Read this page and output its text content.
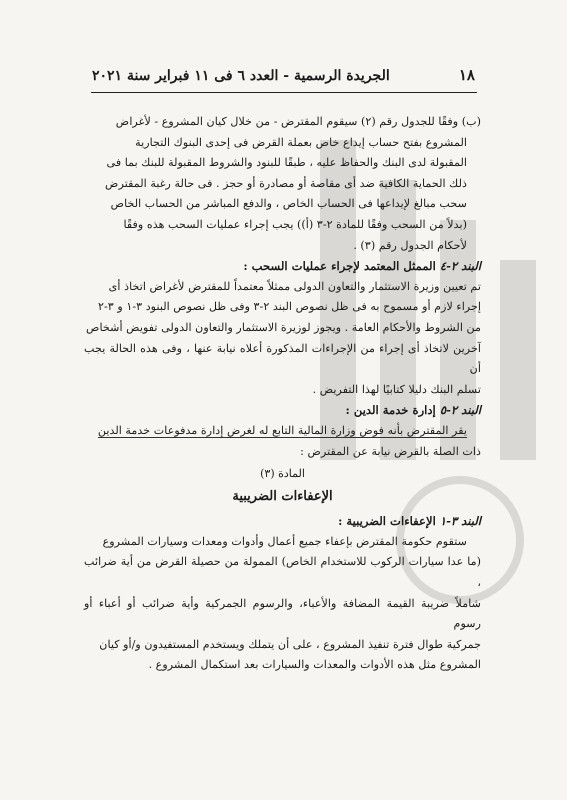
١٨
الجريدة الرسمية - العدد ٦ فى ١١ فبراير سنة ٢٠٢١

(ب) وفقًا للجدول رقم (٢) سيقوم المقترض - من خلال كيان المشروع - لأغراض

المشروع بفتح حساب إيداع خاص بعملة القرض فى إحدى البنوك التجارية

المقبولة لدى البنك والحفاظ عليه ، طبقًا للبنود والشروط المقبولة للبنك بما فى

ذلك الحماية الكافية ضد أى مقاصة أو مصادرة أو حجز . فى حالة رغبة المقترض

سحب مبالغ لإيداعها فى الحساب الخاص ، والدفع المباشر من الحساب الخاص

(بدلاً من السحب وفقًا للمادة ٢-٣ (أ)) يجب إجراء عمليات السحب هذه وفقًا

لأحكام الجدول رقم (٣) .

البند ٢-٤ الممثل المعتمد لإجراء عمليات السحب :

تم تعيين وزيرة الاستثمار والتعاون الدولى ممثلاً معتمداً للمقترض لأغراض اتخاذ أى

إجراء لازم أو مسموح به فى ظل نصوص البند ٢-٣ وفى ظل نصوص البنود ٣-١ و ٣-٢

من الشروط والأحكام العامة . ويجوز لوزيرة الاستثمار والتعاون الدولى تفويض أشخاص

آخرين لاتخاذ أى إجراء من الإجراءات المذكورة أعلاه نيابة عنها ، وفى هذه الحالة يجب أن

تسلم البنك دليلا كتابيًا لهذا التفريض .

البند ٢-٥ إدارة خدمة الدين :

يقر المقترض بأنه فوض وزارة المالية التابع له لغرض إدارة مدفوعات خدمة الدين

ذات الصلة بالقرض نيابة عن المقترض :

المادة (٣)

الإعفاءات الضريبية

البند ٣-١ الإعفاءات الضريبية :

ستقوم حكومة المقترض بإعفاء جميع أعمال وأدوات ومعدات وسيارات المشروع

(ما عدا سيارات الركوب للاستخدام الخاص) الممولة من حصيلة القرض من أية ضرائب ،

شاملاً ضريبة القيمة المضافة والأعباء، والرسوم الجمركية وأية ضرائب أو أعباء أو رسوم

جمركية طوال فترة تنفيذ المشروع ، على أن يتملك ويستخدم المستفيدون و/أو كيان

المشروع مثل هذه الأدوات والمعدات والسيارات بعد استكمال المشروع .
